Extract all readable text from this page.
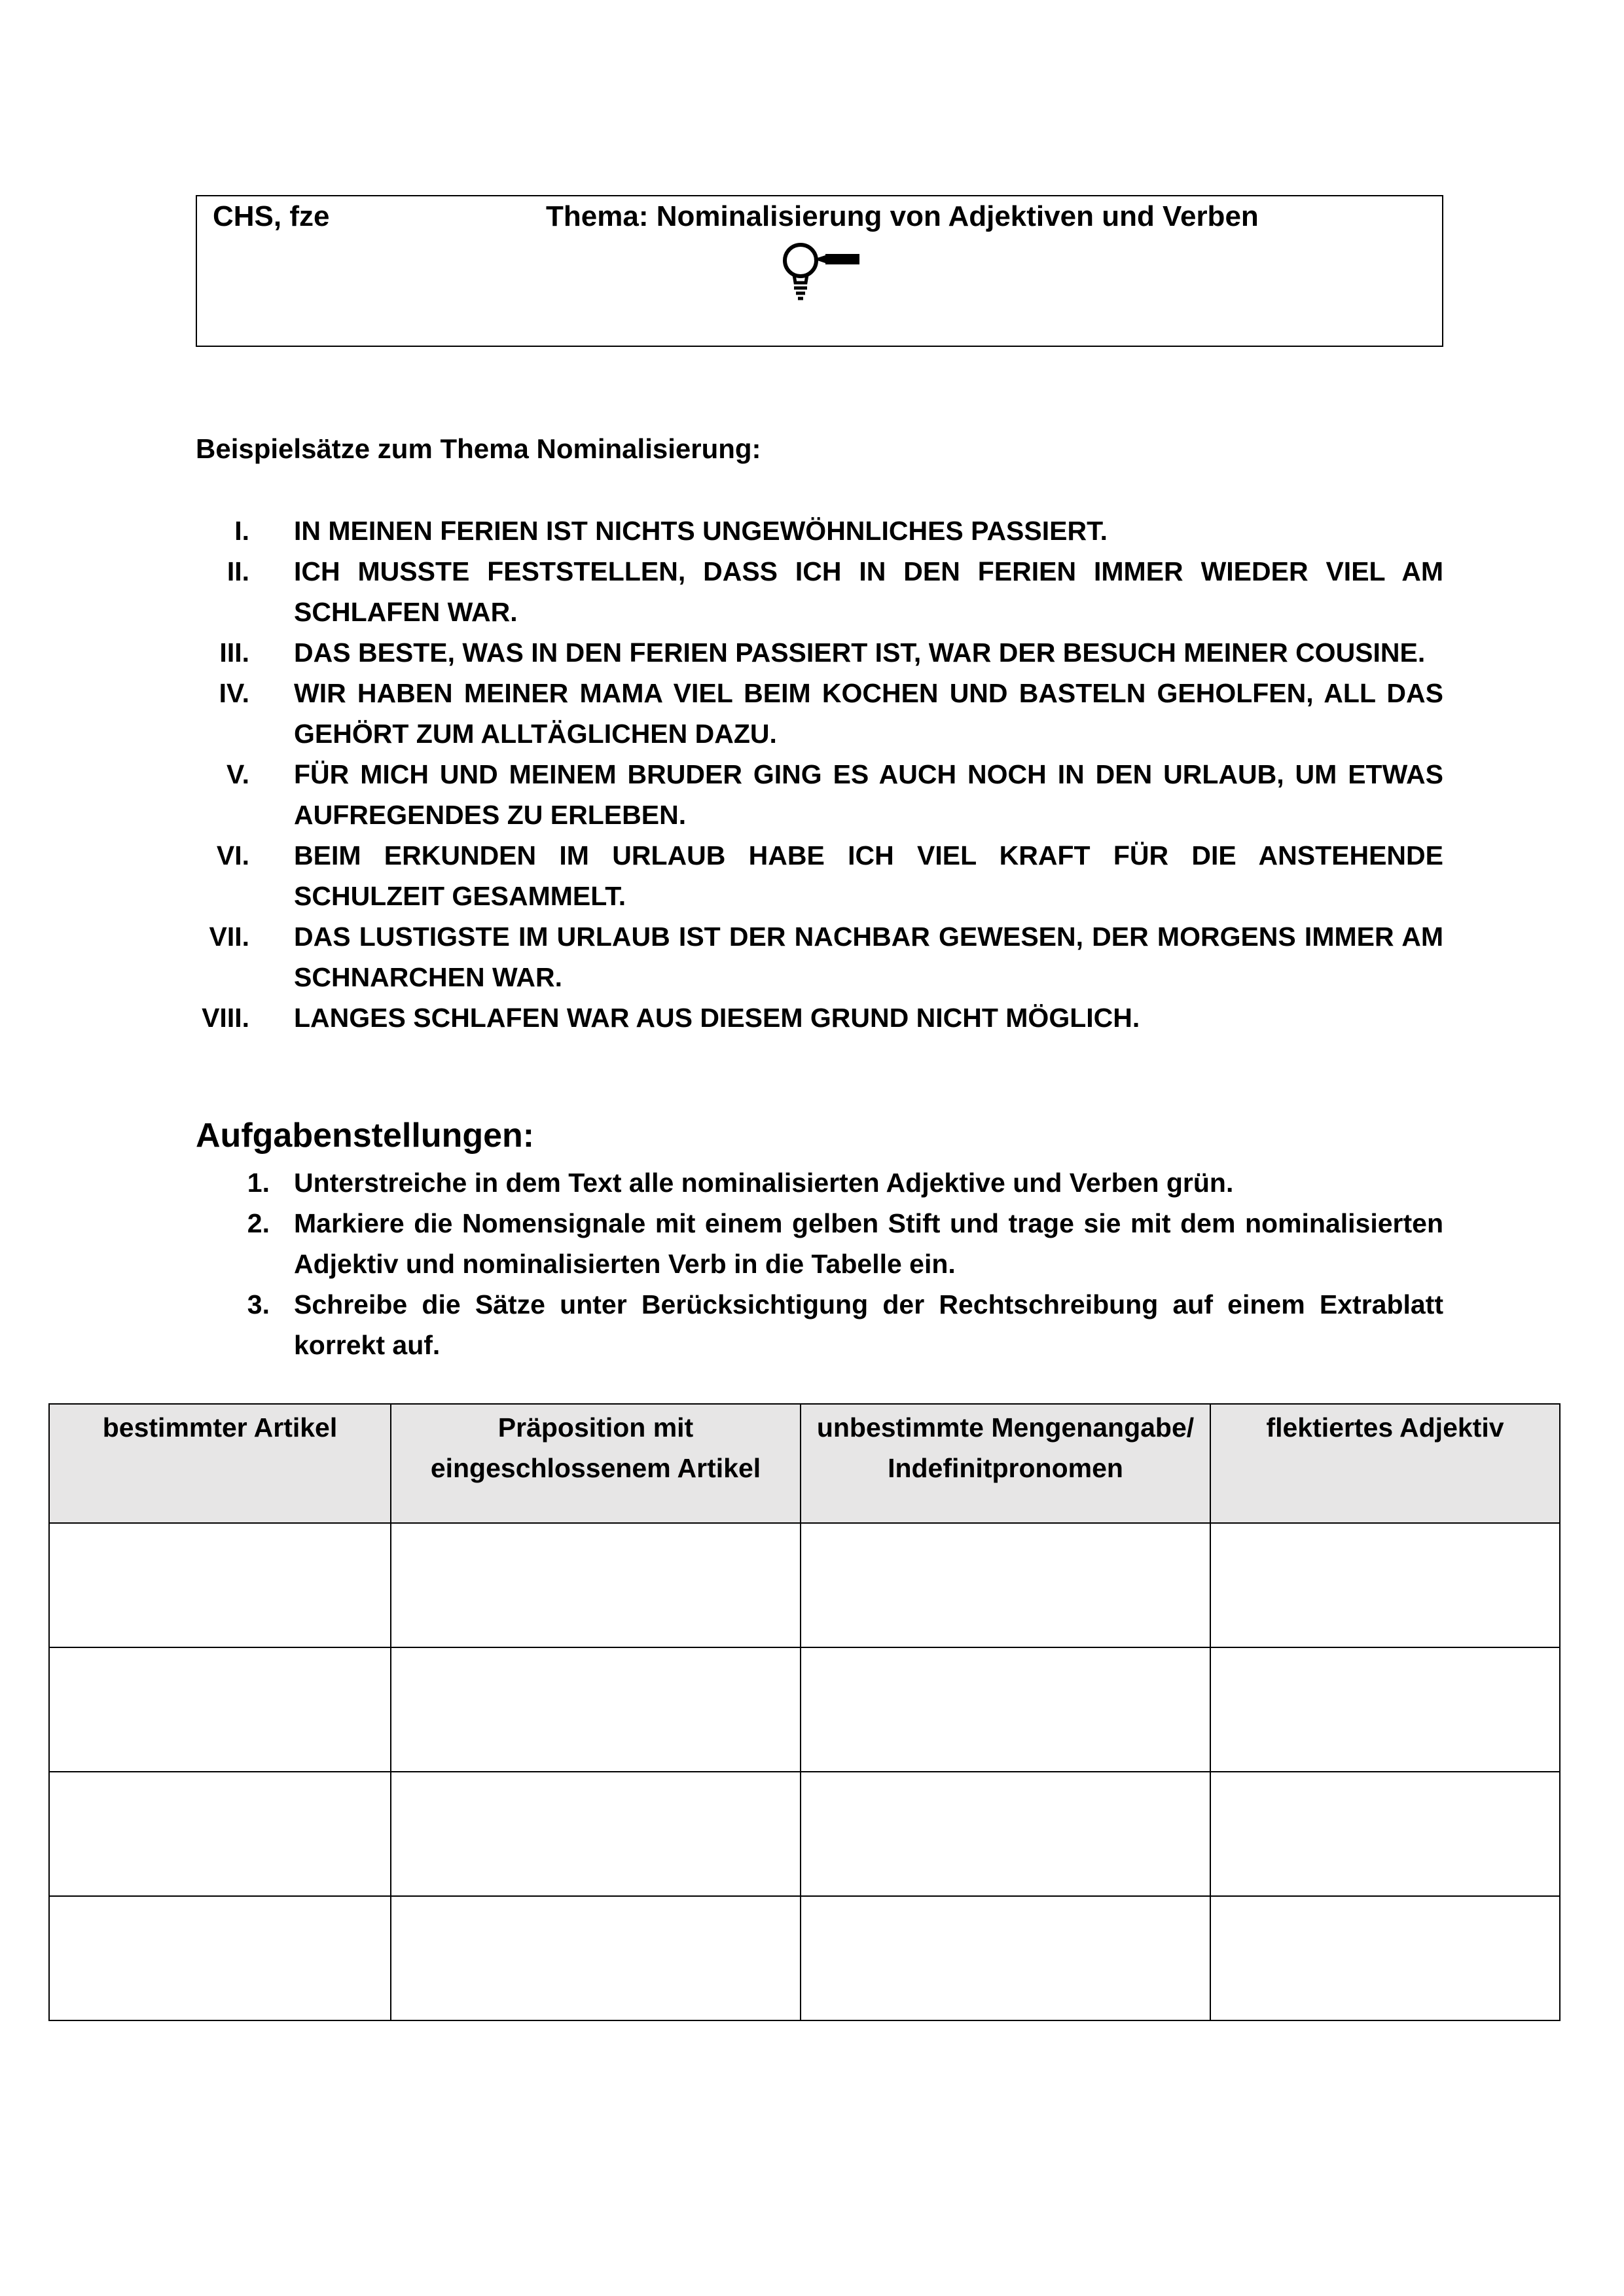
CHS, fze	Thema: Nominalisierung von Adjektiven und Verben
Beispielsätze zum Thema Nominalisierung:
I. IN MEINEN FERIEN IST NICHTS UNGEWÖHNLICHES PASSIERT.
II. ICH MUSSTE FESTSTELLEN, DASS ICH IN DEN FERIEN IMMER WIEDER VIEL AM SCHLAFEN WAR.
III. DAS BESTE, WAS IN DEN FERIEN PASSIERT IST, WAR DER BESUCH MEINER COUSINE.
IV. WIR HABEN MEINER MAMA VIEL BEIM KOCHEN UND BASTELN GEHOLFEN, ALL DAS GEHÖRT ZUM ALLTÄGLICHEN DAZU.
V. FÜR MICH UND MEINEM BRUDER GING ES AUCH NOCH IN DEN URLAUB, UM ETWAS AUFREGENDES ZU ERLEBEN.
VI. BEIM ERKUNDEN IM URLAUB HABE ICH VIEL KRAFT FÜR DIE ANSTEHENDE SCHULZEIT GESAMMELT.
VII. DAS LUSTIGSTE IM URLAUB IST DER NACHBAR GEWESEN, DER MORGENS IMMER AM SCHNARCHEN WAR.
VIII. LANGES SCHLAFEN WAR AUS DIESEM GRUND NICHT MÖGLICH.
Aufgabenstellungen:
1. Unterstreiche in dem Text alle nominalisierten Adjektive und Verben grün.
2. Markiere die Nomensignale mit einem gelben Stift und trage sie mit dem nominalisierten Adjektiv und nominalisierten Verb in die Tabelle ein.
3. Schreibe die Sätze unter Berücksichtigung der Rechtschreibung auf einem Extrablatt korrekt auf.
bestimmter Artikel	Präposition mit eingeschlossenem Artikel	unbestimmte Mengenangabe/ Indefinitpronomen	flektiertes Adjektiv
